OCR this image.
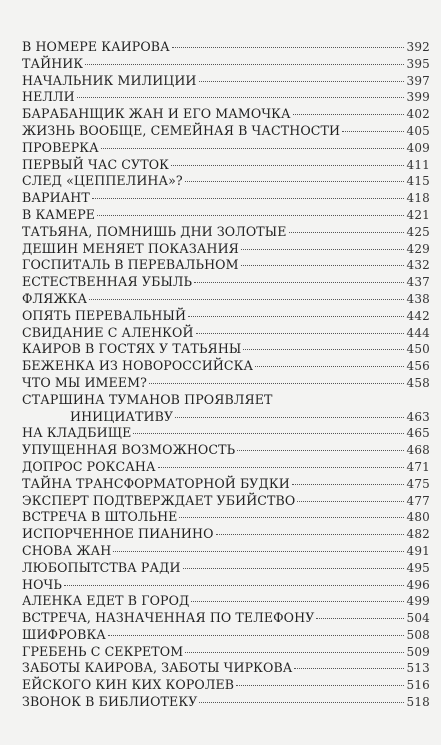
В НОМЕРЕ КАИРОВА	392
ТАЙНИК	395
НАЧАЛЬНИК МИЛИЦИИ	397
НЕЛЛИ	399
БАРАБАНЩИК ЖАН И ЕГО МАМОЧКА	402
ЖИЗНЬ ВООБЩЕ, СЕМЕЙНАЯ В ЧАСТНОСТИ	405
ПРОВЕРКА	409
ПЕРВЫЙ ЧАС СУТОК	411
СЛЕД «ЦЕППЕЛИНА»?	415
ВАРИАНТ	418
В КАМЕРЕ	421
ТАТЬЯНА, ПОМНИШЬ ДНИ ЗОЛОТЫЕ	425
ДЕШИН МЕНЯЕТ ПОКАЗАНИЯ	429
ГОСПИТАЛЬ В ПЕРЕВАЛЬНОМ	432
ЕСТЕСТВЕННАЯ УБЫЛЬ	437
ФЛЯЖКА	438
ОПЯТЬ ПЕРЕВАЛЬНЫЙ	442
СВИДАНИЕ С АЛЕНКОЙ	444
КАИРОВ В ГОСТЯХ У ТАТЬЯНЫ	450
БЕЖЕНКА ИЗ НОВОРОССИЙСКА	456
ЧТО МЫ ИМЕЕМ?	458
СТАРШИНА ТУМАНОВ ПРОЯВЛЯЕТ
ИНИЦИАТИВУ	463
НА КЛАДБИЩЕ	465
УПУЩЕННАЯ ВОЗМОЖНОСТЬ	468
ДОПРОС РОКСАНА	471
ТАЙНА ТРАНСФОРМАТОРНОЙ БУДКИ	475
ЭКСПЕРТ ПОДТВЕРЖДАЕТ УБИЙСТВО	477
ВСТРЕЧА В ШТОЛЬНЕ	480
ИСПОРЧЕННОЕ ПИАНИНО	482
СНОВА ЖАН	491
ЛЮБОПЫТСТВА РАДИ	495
НОЧЬ	496
АЛЕНКА ЕДЕТ В ГОРОД	499
ВСТРЕЧА, НАЗНАЧЕННАЯ ПО ТЕЛЕФОНУ	504
ШИФРОВКА	508
ГРЕБЕНЬ С СЕКРЕТОМ	509
ЗАБОТЫ КАИРОВА, ЗАБОТЫ ЧИРКОВА	513
ЕЙСКОГО КИН КИХ КОРОЛЕВ	516
ЗВОНОК В БИБЛИОТЕКУ	518
